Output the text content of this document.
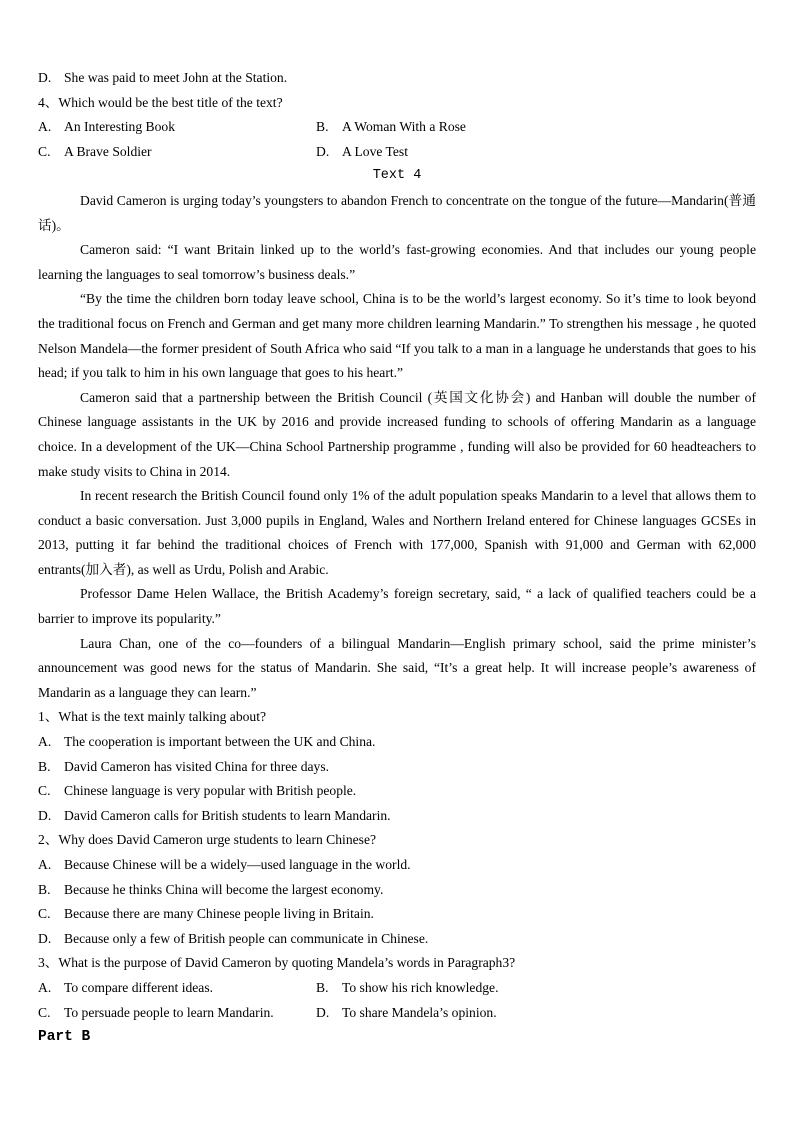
D. She was paid to meet John at the Station.
4、Which would be the best title of the text?
A. An Interesting Book	B. A Woman With a Rose
C. A Brave Soldier	D. A Love Test
Text 4

David Cameron is urging today’s youngsters to abandon French to concentrate on the tongue of the future—Mandarin(普通话)。

Cameron said: “I want Britain linked up to the world’s fast-growing economies. And that includes our young people learning the languages to seal tomorrow’s business deals.”

“By the time the children born today leave school, China is to be the world’s largest economy. So it’s time to look beyond the traditional focus on French and German and get many more children learning Mandarin.” To strengthen his message , he quoted Nelson Mandela—the former president of South Africa who said “If you talk to a man in a language he understands that goes to his head; if you talk to him in his own language that goes to his heart.”

Cameron said that a partnership between the British Council (英国文化协会) and Hanban will double the number of Chinese language assistants in the UK by 2016 and provide increased funding to schools of offering Mandarin as a language choice. In a development of the UK—China School Partnership programme , funding will also be provided for 60 headteachers to make study visits to China in 2014.

In recent research the British Council found only 1% of the adult population speaks Mandarin to a level that allows them to conduct a basic conversation. Just 3,000 pupils in England, Wales and Northern Ireland entered for Chinese languages GCSEs in 2013, putting it far behind the traditional choices of French with 177,000, Spanish with 91,000 and German with 62,000 entrants(加入者), as well as Urdu, Polish and Arabic.

Professor Dame Helen Wallace, the British Academy’s foreign secretary, said, “ a lack of qualified teachers could be a barrier to improve its popularity.”

Laura Chan, one of the co—founders of a bilingual Mandarin—English primary school, said the prime minister’s announcement was good news for the status of Mandarin. She said, “It’s a great help. It will increase people’s awareness of Mandarin as a language they can learn.”

1、What is the text mainly talking about?
A. The cooperation is important between the UK and China.
B. David Cameron has visited China for three days.
C. Chinese language is very popular with British people.
D. David Cameron calls for British students to learn Mandarin.
2、Why does David Cameron urge students to learn Chinese?
A. Because Chinese will be a widely—used language in the world.
B. Because he thinks China will become the largest economy.
C. Because there are many Chinese people living in Britain.
D. Because only a few of British people can communicate in Chinese.
3、What is the purpose of David Cameron by quoting Mandela’s words in Paragraph3?
A. To compare different ideas.	B. To show his rich knowledge.
C. To persuade people to learn Mandarin.	D. To share Mandela’s opinion.
Part B
